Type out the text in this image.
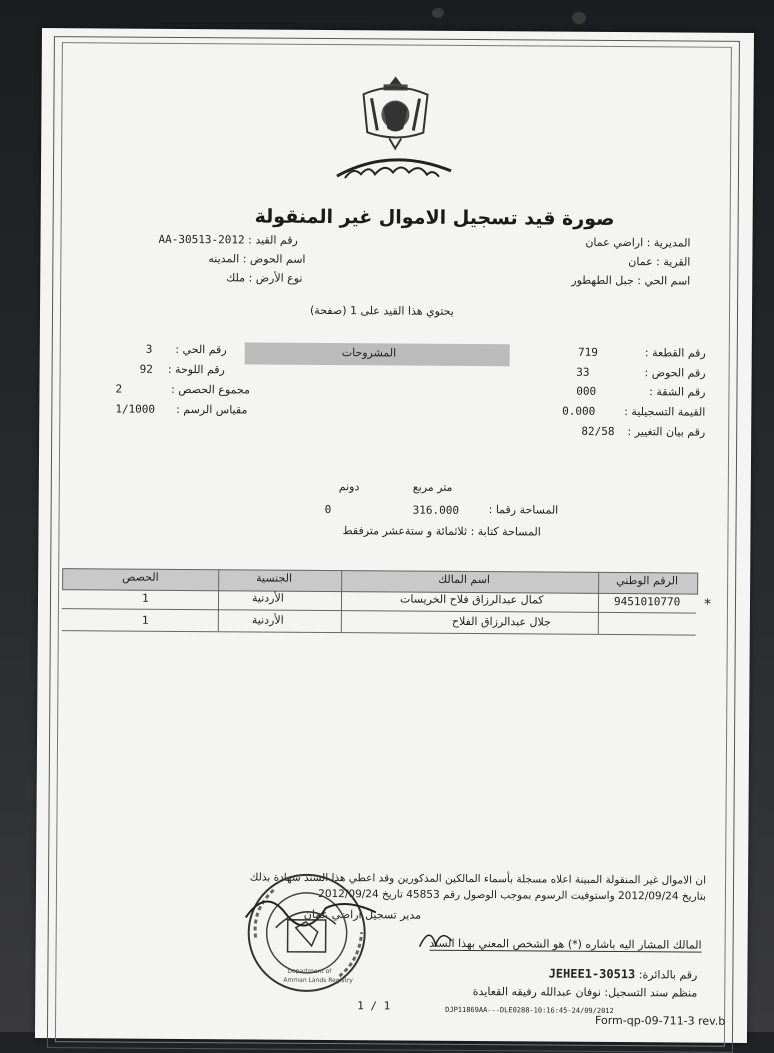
صورة قيد تسجيل الاموال غير المنقولة
المديرية : اراضي عمان
القرية : عمان
اسم الحي : جبل الطهطور
رقم القيد : 2012-AA-30513
اسم الحوض : المدينه
نوع الأرض : ملك
يحتوي هذا القيد على 1 (صفحة)
المشروحات	رقم القطعة :  719
رقم الحوض :  33
رقم الشقة :  000
القيمة التسجيلية :  0.000
رقم بيان التغيير :  82/58
رقم الحي :  3
رقم اللوحة :  92
مجموع الحصص :  2
مقياس الرسم :  1/1000
متر مربع
دونم
المساحة رقما :
316.000
0
المساحة كتابة : ثلاثمائة و ستةعشر مترفقط
الرقم الوطني
اسم المالك
الجنسية
الحصص
9451010770
كمال عبدالرزاق فلاح الخريسات
الأردنية
1	*
جلال عبدالرزاق الفلاح
الأردنية
1
ان الاموال غير المنقولة المبينة اعلاه مسجلة بأسماء المالكين المذكورين وقد اعطي هذا السند شهادة بذلك
بتاريخ 2012/09/24 واستوفيت الرسوم بموجب الوصول رقم 45853 تاريخ 2012/09/24
مدير تسجيل اراضي عمان
المالك المشار اليه باشاره (*) هو الشخص المعني بهذا السند
رقم بالدائرة: 30513-JEHEE1
منظم سند التسجيل: نوفان عبدالله رفيقه القعايدة
DJP11869AA---DLE0288-10:16:45-24/09/2012
1 / 1
Form-qp-09-711-3 rev.b
Department of
Amman Lands Registry
